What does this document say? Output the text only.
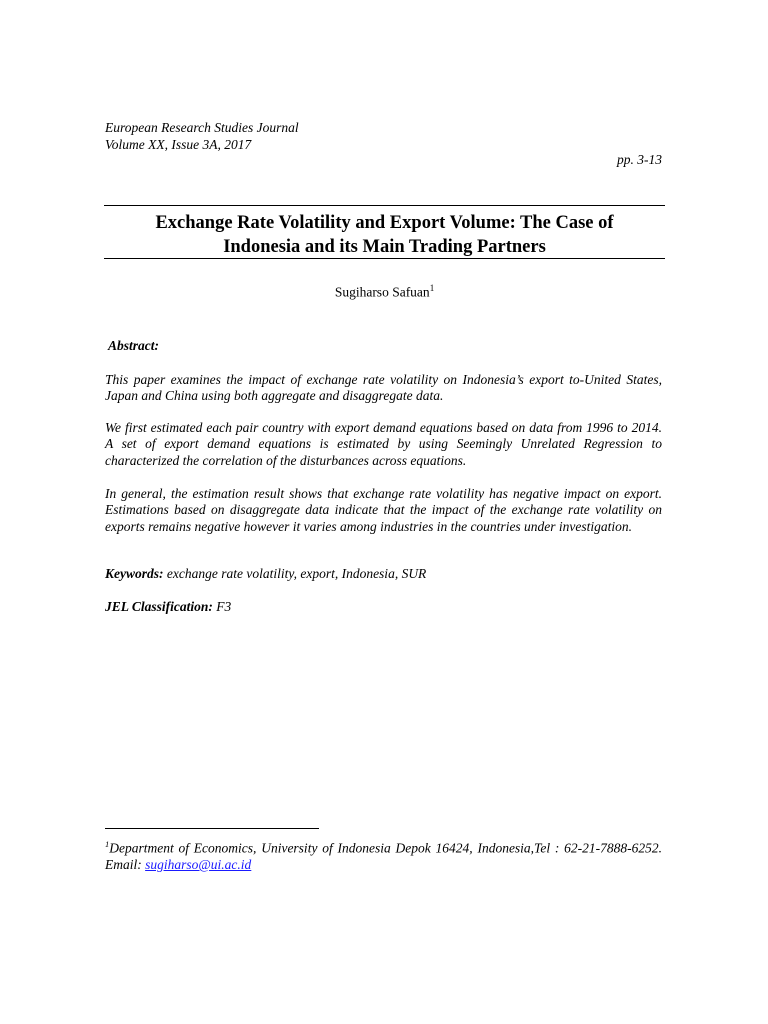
European Research Studies Journal
Volume XX, Issue 3A, 2017
pp. 3-13
Exchange Rate Volatility and Export Volume: The Case of
Indonesia and its Main Trading Partners
Sugiharso Safuan$^1$
Abstract:
This paper examines the impact of exchange rate volatility on Indonesia’s export to-United States, Japan and China using both aggregate and disaggregate data.
We first estimated each pair country with export demand equations based on data from 1996 to 2014. A set of export demand equations is estimated by using Seemingly Unrelated Regression to characterized the correlation of the disturbances across equations.
In general, the estimation result shows that exchange rate volatility has negative impact on export. Estimations based on disaggregate data indicate that the impact of the exchange rate volatility on exports remains negative however it varies among industries in the countries under investigation.
Keywords: exchange rate volatility, export, Indonesia, SUR
JEL Classification: F3
$^1$Department of Economics, University of Indonesia Depok 16424, Indonesia,Tel : 62-21-7888-6252. Email: sugiharso@ui.ac.id
